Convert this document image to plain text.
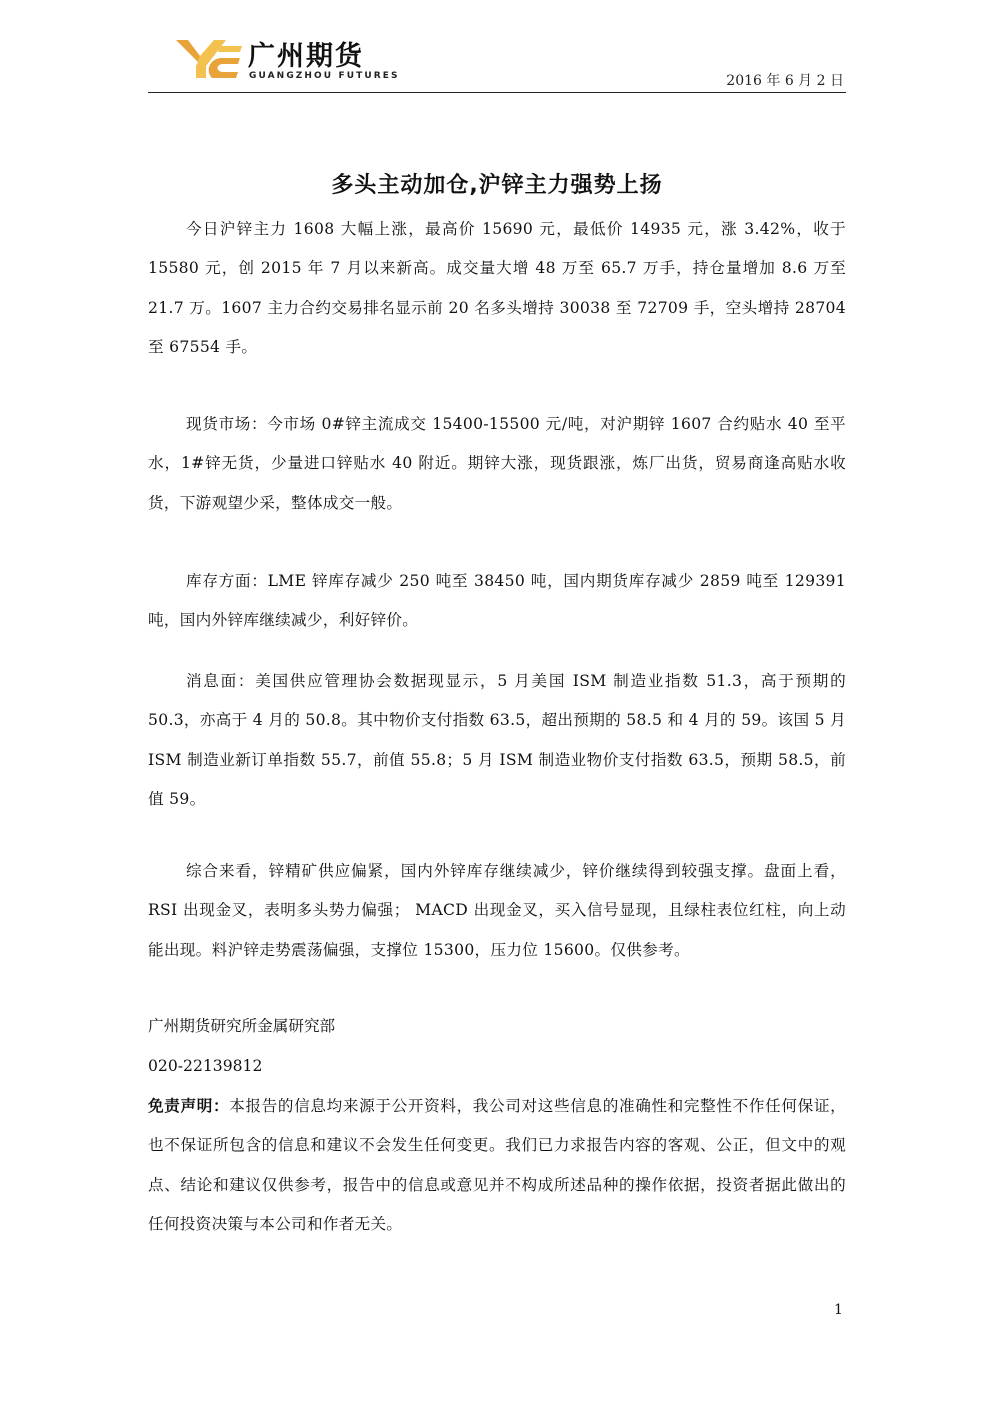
广州期货
GUANGZHOU FUTURES	2016 年 6 月 2 日
多头主动加仓,沪锌主力强势上扬

今日沪锌主力 1608 大幅上涨，最高价 15690 元，最低价 14935 元，涨 3.42%，收于 15580 元，创 2015 年 7 月以来新高。成交量大增 48 万至 65.7 万手，持仓量增加 8.6 万至 21.7 万。1607 主力合约交易排名显示前 20 名多头增持 30038 至 72709 手，空头增持 28704 至 67554 手。

现货市场：今市场 0#锌主流成交 15400-15500 元/吨，对沪期锌 1607 合约贴水 40 至平水，1#锌无货，少量进口锌贴水 40 附近。期锌大涨，现货跟涨，炼厂出货，贸易商逢高贴水收货，下游观望少采，整体成交一般。

库存方面：LME 锌库存减少 250 吨至 38450 吨，国内期货库存减少 2859 吨至 129391 吨，国内外锌库继续减少，利好锌价。

消息面：美国供应管理协会数据现显示，5 月美国 ISM 制造业指数 51.3，高于预期的 50.3，亦高于 4 月的 50.8。其中物价支付指数 63.5，超出预期的 58.5 和 4 月的 59。该国 5 月 ISM 制造业新订单指数 55.7，前值 55.8；5 月 ISM 制造业物价支付指数 63.5，预期 58.5，前值 59。

综合来看，锌精矿供应偏紧，国内外锌库存继续减少，锌价继续得到较强支撑。盘面上看，RSI 出现金叉，表明多头势力偏强； MACD 出现金叉，买入信号显现，且绿柱表位红柱，向上动能出现。料沪锌走势震荡偏强，支撑位 15300，压力位 15600。仅供参考。

广州期货研究所金属研究部
020-22139812

免责声明：本报告的信息均来源于公开资料，我公司对这些信息的准确性和完整性不作任何保证，也不保证所包含的信息和建议不会发生任何变更。我们已力求报告内容的客观、公正，但文中的观点、结论和建议仅供参考，报告中的信息或意见并不构成所述品种的操作依据，投资者据此做出的任何投资决策与本公司和作者无关。

1
